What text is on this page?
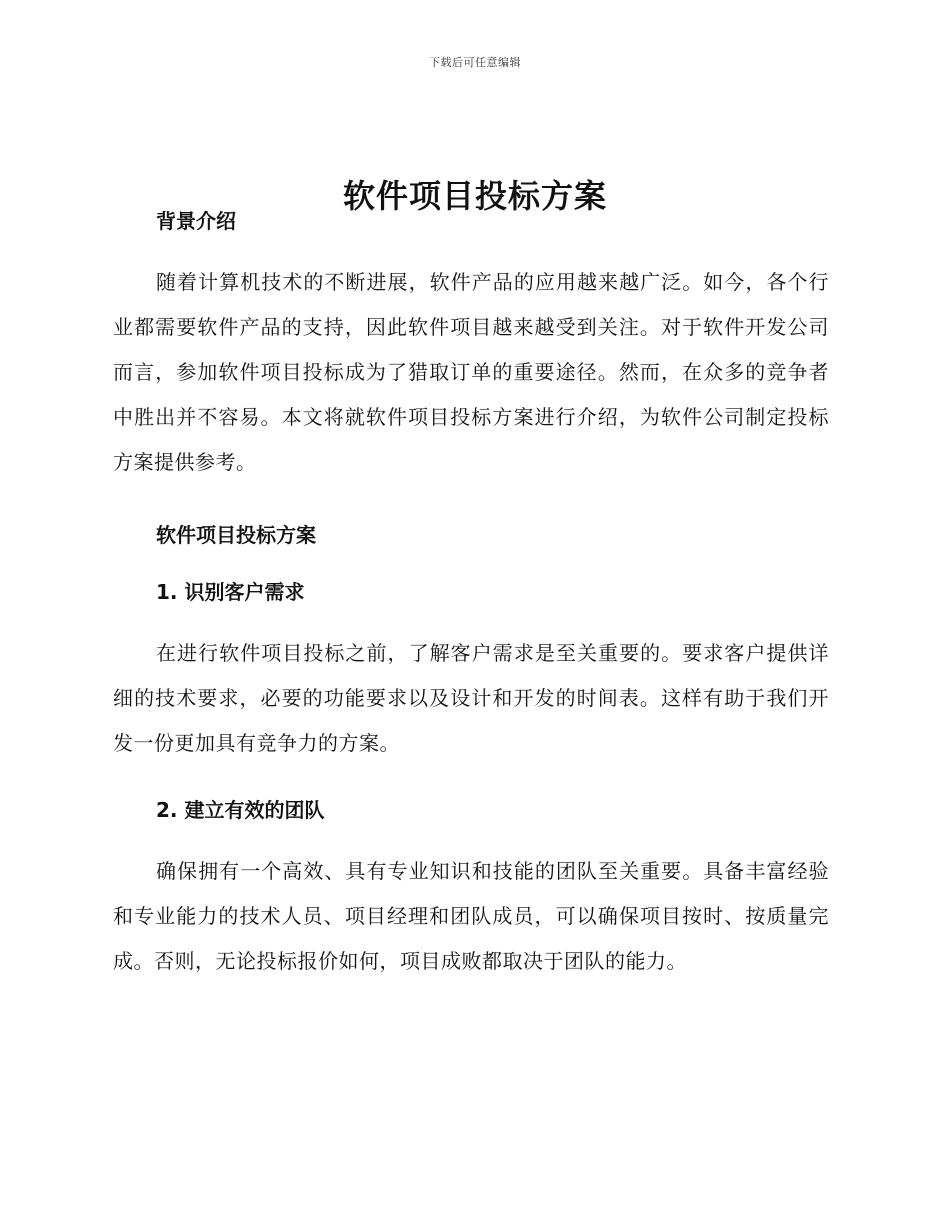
下载后可任意编辑
软件项目投标方案
背景介绍

随着计算机技术的不断进展，软件产品的应用越来越广泛。如今，各个行业都需要软件产品的支持，因此软件项目越来越受到关注。对于软件开发公司而言，参加软件项目投标成为了猎取订单的重要途径。然而，在众多的竞争者中胜出并不容易。本文将就软件项目投标方案进行介绍，为软件公司制定投标方案提供参考。

软件项目投标方案
1. 识别客户需求

在进行软件项目投标之前，了解客户需求是至关重要的。要求客户提供详细的技术要求，必要的功能要求以及设计和开发的时间表。这样有助于我们开发一份更加具有竞争力的方案。

2. 建立有效的团队

确保拥有一个高效、具有专业知识和技能的团队至关重要。具备丰富经验和专业能力的技术人员、项目经理和团队成员，可以确保项目按时、按质量完成。否则，无论投标报价如何，项目成败都取决于团队的能力。
